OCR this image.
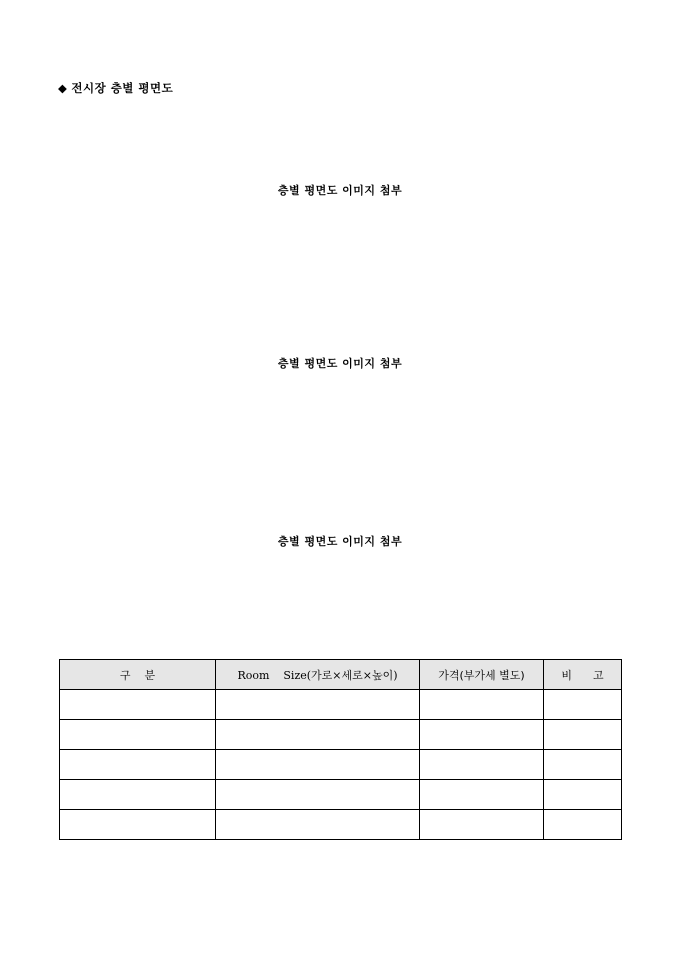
◆ 전시장 층별 평면도
층별 평면도 이미지 첨부
층별 평면도 이미지 첨부
층별 평면도 이미지 첨부
구    분	Room    Size(가로×세로×높이)	가격(부가세 별도)	비      고
